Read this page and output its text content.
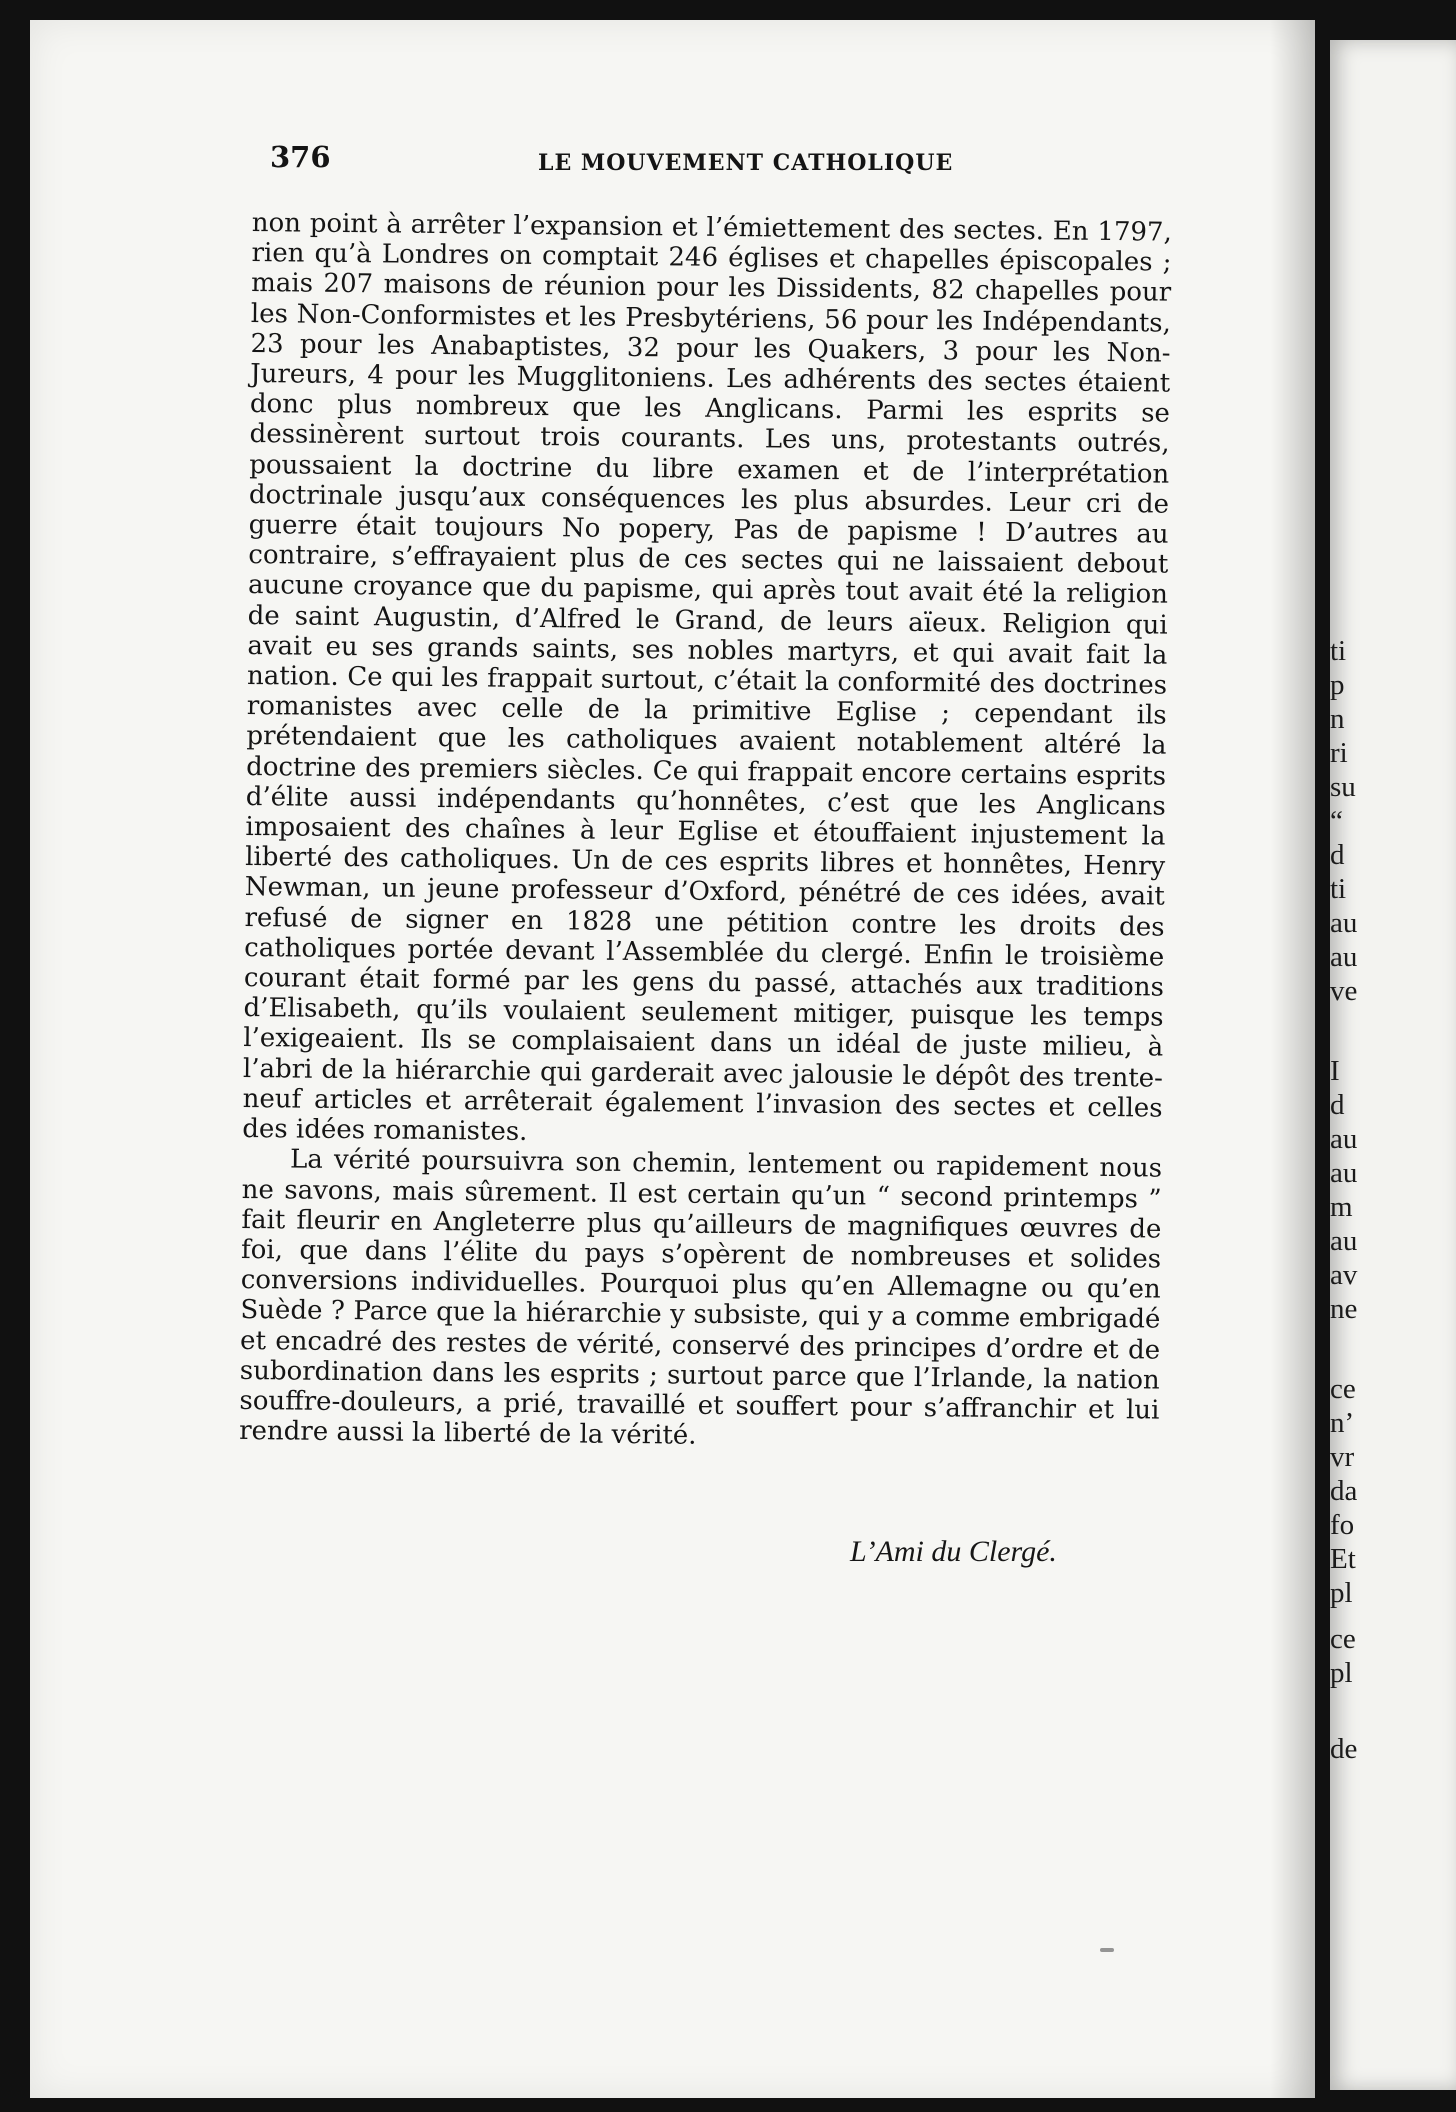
ti
p
n
ri
su
“
d
ti
au
au
ve
I
d
au
au
m
au
av
ne
ce
n’
vr
da
fo
Et
pl
ce
pl
de
376	LE MOUVEMENT CATHOLIQUE

non point à arrêter l’expansion et l’émiettement des sectes. En 1797, rien qu’à Londres on comptait 246 églises et chapelles épiscopales ; mais 207 maisons de réunion pour les Dissidents, 82 chapelles pour les Non-Conformistes et les Presbytériens, 56 pour les Indépendants, 23 pour les Anabaptistes, 32 pour les Quakers, 3 pour les Non-Jureurs, 4 pour les Mugglitoniens. Les adhérents des sectes étaient donc plus nombreux que les Anglicans. Parmi les esprits se dessinèrent surtout trois courants. Les uns, protestants outrés, poussaient la doctrine du libre examen et de l’interprétation doctrinale jusqu’aux conséquences les plus absurdes. Leur cri de guerre était toujours No popery, Pas de papisme ! D’autres au contraire, s’effrayaient plus de ces sectes qui ne laissaient debout aucune croyance que du papisme, qui après tout avait été la religion de saint Augustin, d’Alfred le Grand, de leurs aïeux. Religion qui avait eu ses grands saints, ses nobles martyrs, et qui avait fait la nation. Ce qui les frappait surtout, c’était la conformité des doctrines romanistes avec celle de la primitive Eglise ; cependant ils prétendaient que les catholiques avaient notablement altéré la doctrine des premiers siècles. Ce qui frappait encore certains esprits d’élite aussi indépendants qu’honnêtes, c’est que les Anglicans imposaient des chaînes à leur Eglise et étouffaient injustement la liberté des catholiques. Un de ces esprits libres et honnêtes, Henry Newman, un jeune professeur d’Oxford, pénétré de ces idées, avait refusé de signer en 1828 une pétition contre les droits des catholiques portée devant l’Assemblée du clergé. Enfin le troisième courant était formé par les gens du passé, attachés aux traditions d’Elisabeth, qu’ils voulaient seulement mitiger, puisque les temps l’exigeaient. Ils se complaisaient dans un idéal de juste milieu, à l’abri de la hiérarchie qui garderait avec jalousie le dépôt des trente-neuf articles et arrêterait également l’invasion des sectes et celles des idées romanistes.

La vérité poursuivra son chemin, lentement ou rapidement nous ne savons, mais sûrement. Il est certain qu’un “ second printemps ” fait fleurir en Angleterre plus qu’ailleurs de magnifiques œuvres de foi, que dans l’élite du pays s’opèrent de nombreuses et solides conversions individuelles. Pourquoi plus qu’en Allemagne ou qu’en Suède ? Parce que la hiérarchie y subsiste, qui y a comme embrigadé et encadré des restes de vérité, conservé des principes d’ordre et de subordination dans les esprits ; surtout parce que l’Irlande, la nation souffre-douleurs, a prié, travaillé et souffert pour s’affranchir et lui rendre aussi la liberté de la vérité.

L’Ami du Clergé.
